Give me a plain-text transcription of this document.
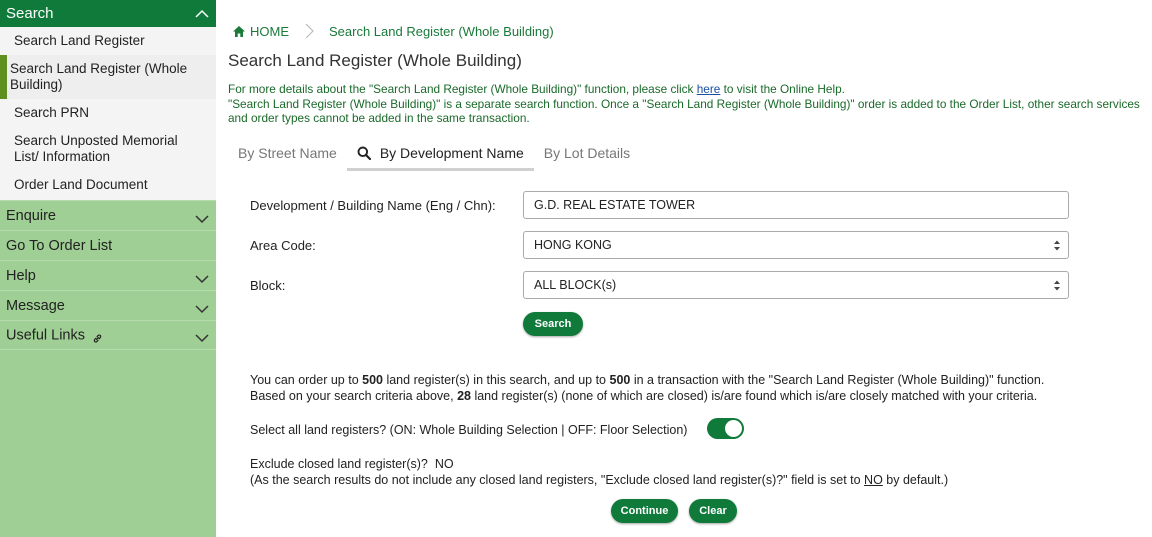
Search
Search Land Register
Search Land Register (Whole Building)
Search PRN
Search Unposted Memorial List/ Information
Order Land Document
Enquire
Go To Order List
Help
Message
Useful Links
HOME	Search Land Register (Whole Building)
Search Land Register (Whole Building)
For more details about the "Search Land Register (Whole Building)" function, please click here to visit the Online Help.
"Search Land Register (Whole Building)" is a separate search function. Once a "Search Land Register (Whole Building)" order is added to the Order List, other search services and order types cannot be added in the same transaction.
By Street Name	By Development Name	By Lot Details
Development / Building Name (Eng / Chn):	G.D. REAL ESTATE TOWER
Area Code:	HONG KONG
Block:	ALL BLOCK(s)
Search
You can order up to 500 land register(s) in this search, and up to 500 in a transaction with the "Search Land Register (Whole Building)" function.
Based on your search criteria above, 28 land register(s) (none of which are closed) is/are found which is/are closely matched with your criteria.
Select all land registers? (ON: Whole Building Selection | OFF: Floor Selection)
Exclude closed land register(s)? NO
(As the search results do not include any closed land registers, "Exclude closed land register(s)?" field is set to NO by default.)
Continue	Clear
